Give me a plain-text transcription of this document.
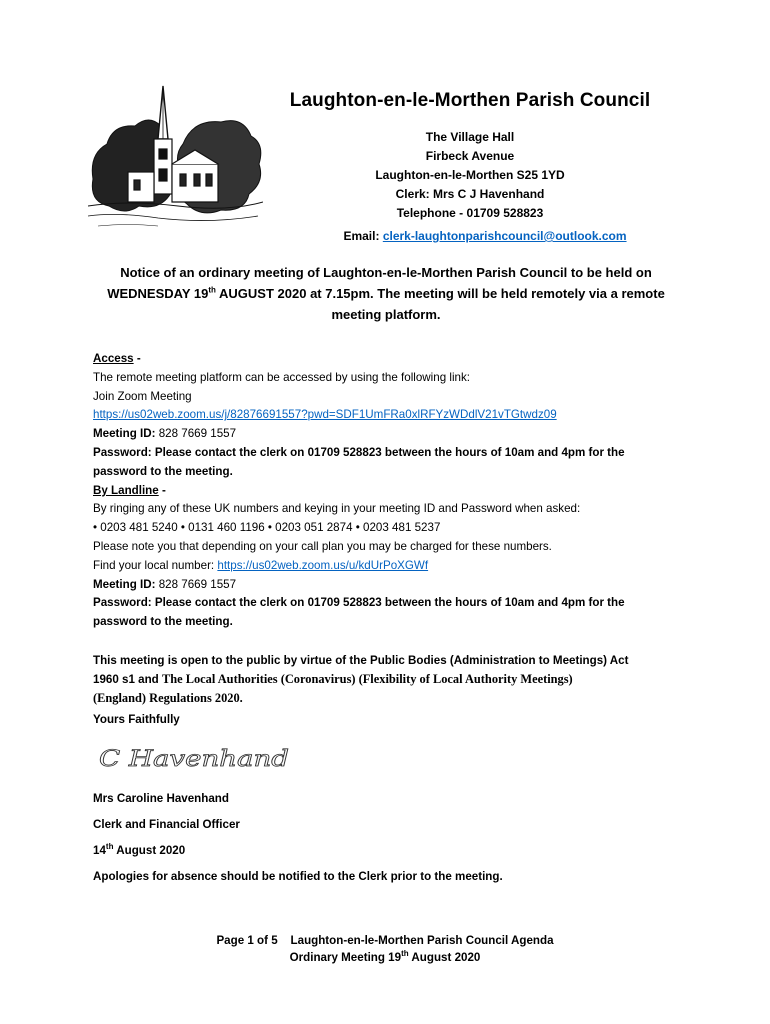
Laughton-en-le-Morthen Parish Council
The Village Hall
Firbeck Avenue
Laughton-en-le-Morthen S25 1YD
Clerk: Mrs C J Havenhand
Telephone - 01709 528823
Email: clerk-laughtonparishcouncil@outlook.com
Notice of an ordinary meeting of Laughton-en-le-Morthen Parish Council to be held on WEDNESDAY 19th AUGUST 2020 at 7.15pm. The meeting will be held remotely via a remote meeting platform.
Access -
The remote meeting platform can be accessed by using the following link:
Join Zoom Meeting
https://us02web.zoom.us/j/82876691557?pwd=SDF1UmFRa0xlRFYzWDdlV21vTGtwdz09
Meeting ID: 828 7669 1557
Password: Please contact the clerk on 01709 528823 between the hours of 10am and 4pm for the
password to the meeting.
By Landline -
By ringing any of these UK numbers and keying in your meeting ID and Password when asked:
• 0203 481 5240 • 0131 460 1196 • 0203 051 2874 • 0203 481 5237
Please note you that depending on your call plan you may be charged for these numbers.
Find your local number: https://us02web.zoom.us/u/kdUrPoXGWf
Meeting ID: 828 7669 1557
Password: Please contact the clerk on 01709 528823 between the hours of 10am and 4pm for the
password to the meeting.
This meeting is open to the public by virtue of the Public Bodies (Administration to Meetings) Act
1960 s1 and The Local Authorities (Coronavirus) (Flexibility of Local Authority Meetings)
(England) Regulations 2020.
Yours Faithfully
C Havenhand
Mrs Caroline Havenhand
Clerk and Financial Officer
14th August 2020
Apologies for absence should be notified to the Clerk prior to the meeting.
Page 1 of 5    Laughton-en-le-Morthen Parish Council Agenda
Ordinary Meeting 19th August 2020
